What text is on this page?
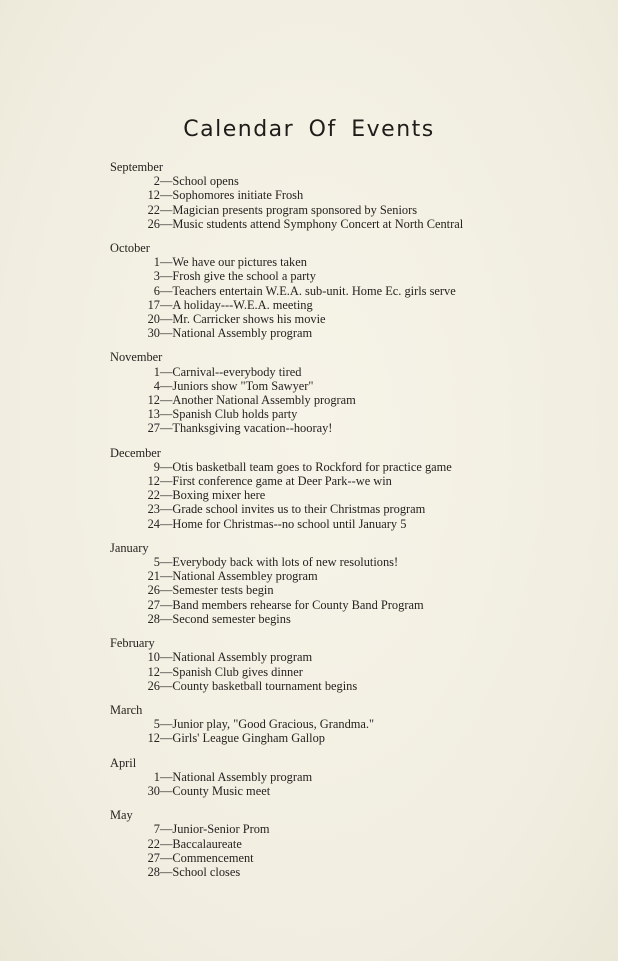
Calendar Of Events
September
2 — School opens
12 — Sophomores initiate Frosh
22 — Magician presents program sponsored by Seniors
26 — Music students attend Symphony Concert at North Central
October
1 — We have our pictures taken
3 — Frosh give the school a party
6 — Teachers entertain W.E.A. sub-unit. Home Ec. girls serve
17 — A holiday---W.E.A. meeting
20 — Mr. Carricker shows his movie
30 — National Assembly program
November
1 — Carnival--everybody tired
4 — Juniors show "Tom Sawyer"
12 — Another National Assembly program
13 — Spanish Club holds party
27 — Thanksgiving vacation--hooray!
December
9 — Otis basketball team goes to Rockford for practice game
12 — First conference game at Deer Park--we win
22 — Boxing mixer here
23 — Grade school invites us to their Christmas program
24 — Home for Christmas--no school until January 5
January
5 — Everybody back with lots of new resolutions!
21 — National Assembley program
26 — Semester tests begin
27 — Band members rehearse for County Band Program
28 — Second semester begins
February
10 — National Assembly program
12 — Spanish Club gives dinner
26 — County basketball tournament begins
March
5 — Junior play, "Good Gracious, Grandma."
12 — Girls' League Gingham Gallop
April
1 — National Assembly program
30 — County Music meet
May
7 — Junior-Senior Prom
22 — Baccalaureate
27 — Commencement
28 — School closes
